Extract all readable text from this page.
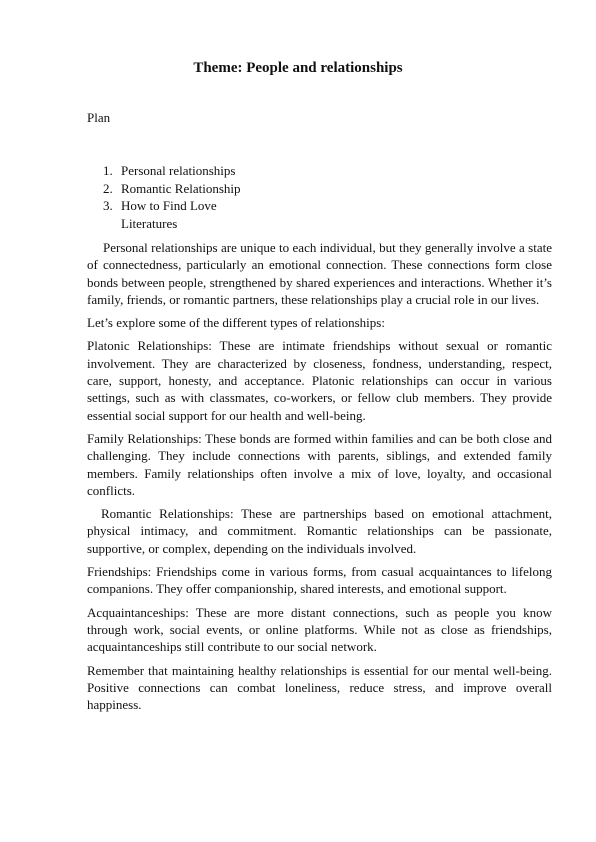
Theme: People and relationships
Plan
1. Personal relationships
2. Romantic Relationship
3. How to Find Love
Literatures

Personal relationships are unique to each individual, but they generally involve a state of connectedness, particularly an emotional connection. These connections form close bonds between people, strengthened by shared experiences and interactions. Whether it’s family, friends, or romantic partners, these relationships play a crucial role in our lives.

Let’s explore some of the different types of relationships:

Platonic Relationships: These are intimate friendships without sexual or romantic involvement. They are characterized by closeness, fondness, understanding, respect, care, support, honesty, and acceptance. Platonic relationships can occur in various settings, such as with classmates, co-workers, or fellow club members. They provide essential social support for our health and well-being.

Family Relationships: These bonds are formed within families and can be both close and challenging. They include connections with parents, siblings, and extended family members. Family relationships often involve a mix of love, loyalty, and occasional conflicts.

Romantic Relationships: These are partnerships based on emotional attachment, physical intimacy, and commitment. Romantic relationships can be passionate, supportive, or complex, depending on the individuals involved.

Friendships: Friendships come in various forms, from casual acquaintances to lifelong companions. They offer companionship, shared interests, and emotional support.

Acquaintanceships: These are more distant connections, such as people you know through work, social events, or online platforms. While not as close as friendships, acquaintanceships still contribute to our social network.

Remember that maintaining healthy relationships is essential for our mental well-being. Positive connections can combat loneliness, reduce stress, and improve overall happiness.
